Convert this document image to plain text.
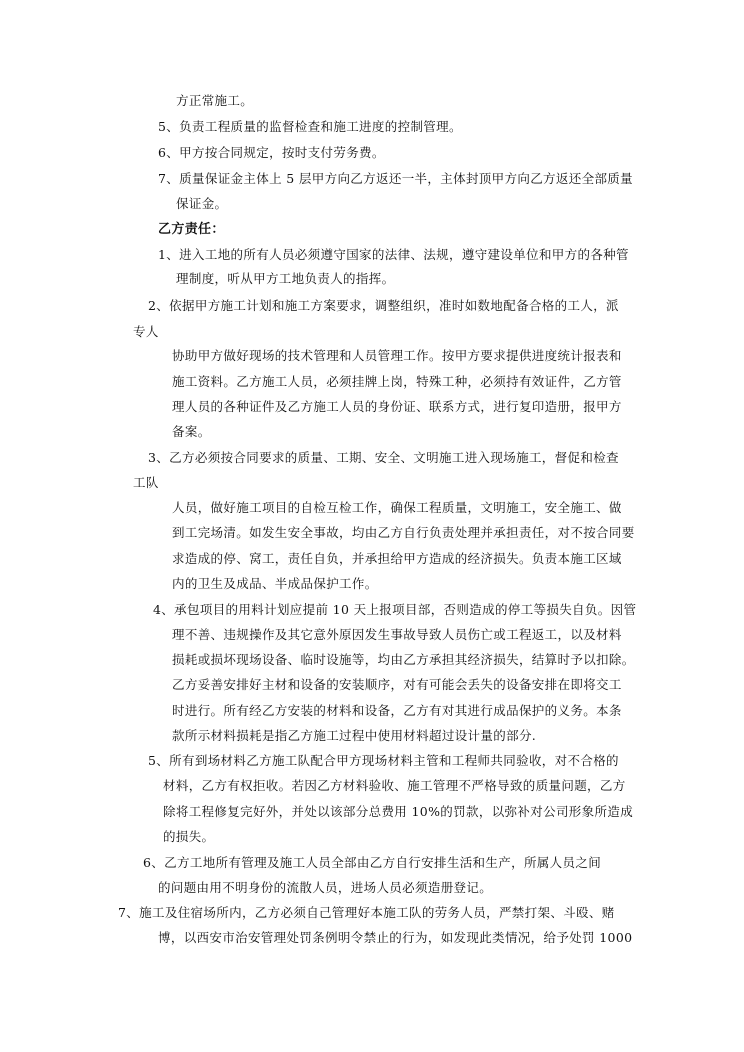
方正常施工。
5、负责工程质量的监督检查和施工进度的控制管理。
6、甲方按合同规定，按时支付劳务费。
7、质量保证金主体上 5 层甲方向乙方返还一半，主体封顶甲方向乙方返还全部质量
保证金。
乙方责任：
1、进入工地的所有人员必须遵守国家的法律、法规，遵守建设单位和甲方的各种管
理制度，听从甲方工地负责人的指挥。
2、依据甲方施工计划和施工方案要求，调整组织，准时如数地配备合格的工人，派
专人
协助甲方做好现场的技术管理和人员管理工作。按甲方要求提供进度统计报表和
施工资料。乙方施工人员，必须挂牌上岗，特殊工种，必须持有效证件，乙方管
理人员的各种证件及乙方施工人员的身份证、联系方式，进行复印造册，报甲方
备案。
3、乙方必须按合同要求的质量、工期、安全、文明施工进入现场施工，督促和检查
工队
人员，做好施工项目的自检互检工作，确保工程质量，文明施工，安全施工、做
到工完场清。如发生安全事故，均由乙方自行负责处理并承担责任，对不按合同要
求造成的停、窝工，责任自负，并承担给甲方造成的经济损失。负责本施工区域
内的卫生及成品、半成品保护工作。
4、承包项目的用料计划应提前 10 天上报项目部，否则造成的停工等损失自负。因管
理不善、违规操作及其它意外原因发生事故导致人员伤亡或工程返工，以及材料
损耗或损坏现场设备、临时设施等，均由乙方承担其经济损失，结算时予以扣除。
乙方妥善安排好主材和设备的安装顺序，对有可能会丢失的设备安排在即将交工
时进行。所有经乙方安装的材料和设备，乙方有对其进行成品保护的义务。本条
款所示材料损耗是指乙方施工过程中使用材料超过设计量的部分.
5、所有到场材料乙方施工队配合甲方现场材料主管和工程师共同验收，对不合格的
材料，乙方有权拒收。若因乙方材料验收、施工管理不严格导致的质量问题，乙方
除将工程修复完好外，并处以该部分总费用 10%的罚款，以弥补对公司形象所造成
的损失。
6、乙方工地所有管理及施工人员全部由乙方自行安排生活和生产，所属人员之间
的问题由用不明身份的流散人员，进场人员必须造册登记。
7、施工及住宿场所内，乙方必须自己管理好本施工队的劳务人员，严禁打架、斗殴、赌
博，以西安市治安管理处罚条例明令禁止的行为，如发现此类情况，给予处罚 1000
